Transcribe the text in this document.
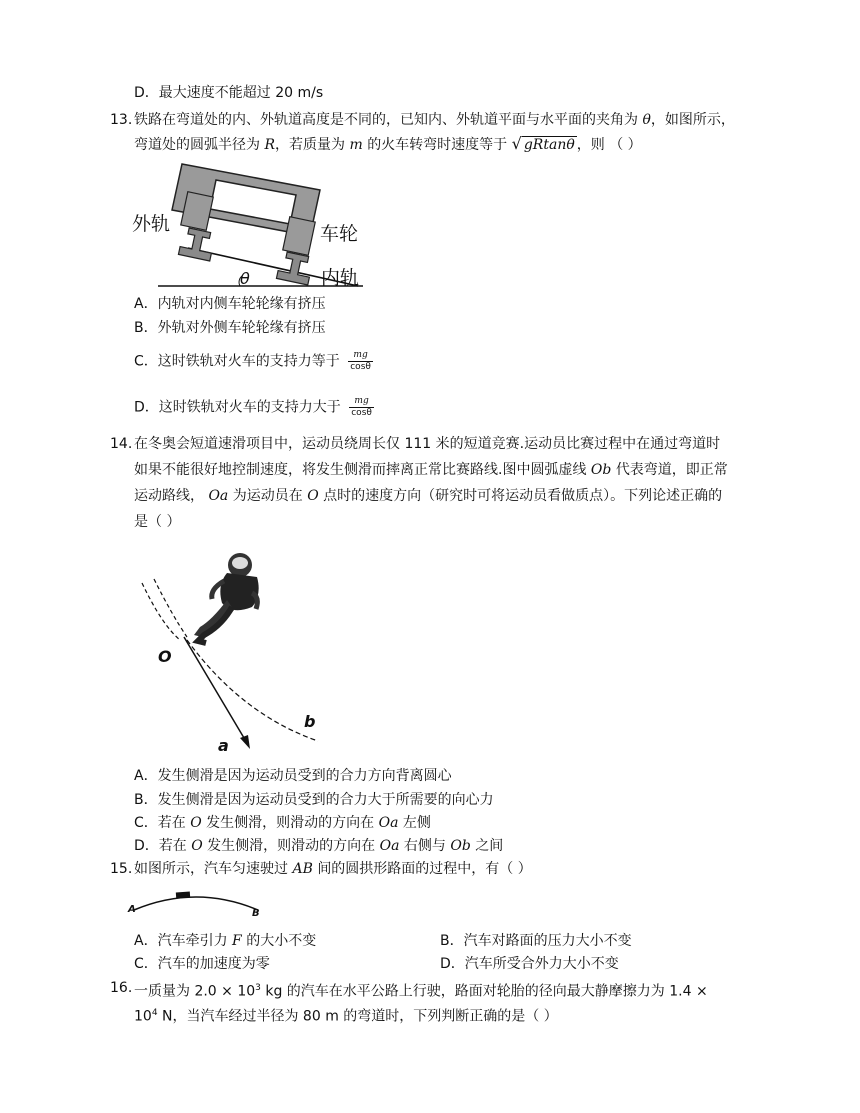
D．最大速度不能超过 20 m/s
13. 铁路在弯道处的内、外轨道高度是不同的，已知内、外轨道平面与水平面的夹角为 θ，如图所示，
弯道处的圆弧半径为 R，若质量为 m 的火车转弯时速度等于 √ gRtanθ ，则 （ ）
外轨	车轮
内轨
θ
A．内轨对内侧车轮轮缘有挤压
B．外轨对外侧车轮轮缘有挤压
C．这时铁轨对火车的支持力等于 $\frac{mg}{\cos\theta}$
D．这时铁轨对火车的支持力大于 $\frac{mg}{\cos\theta}$
14. 在冬奥会短道速滑项目中，运动员绕周长仅 111 米的短道竞赛.运动员比赛过程中在通过弯道时
如果不能很好地控制速度，将发生侧滑而摔离正常比赛路线.图中圆弧虚线 Ob 代表弯道，即正常
运动路线， Oa 为运动员在 O 点时的速度方向（研究时可将运动员看做质点）。下列论述正确的
是（ ）
O
a
b
A．发生侧滑是因为运动员受到的合力方向背离圆心
B．发生侧滑是因为运动员受到的合力大于所需要的向心力
C．若在 O 发生侧滑，则滑动的方向在 Oa 左侧
D．若在 O 发生侧滑，则滑动的方向在 Oa 右侧与 Ob 之间
15. 如图所示，汽车匀速驶过 AB 间的圆拱形路面的过程中，有（ ）
A	B
A．汽车牵引力 F 的大小不变	B．汽车对路面的压力大小不变
C．汽车的加速度为零	D．汽车所受合外力大小不变
16. 一质量为 $2.0 \times 10^3$ kg 的汽车在水平公路上行驶，路面对轮胎的径向最大静摩擦力为 1.4 ×
$10^4$ N，当汽车经过半径为 80 m 的弯道时，下列判断正确的是（ ）
